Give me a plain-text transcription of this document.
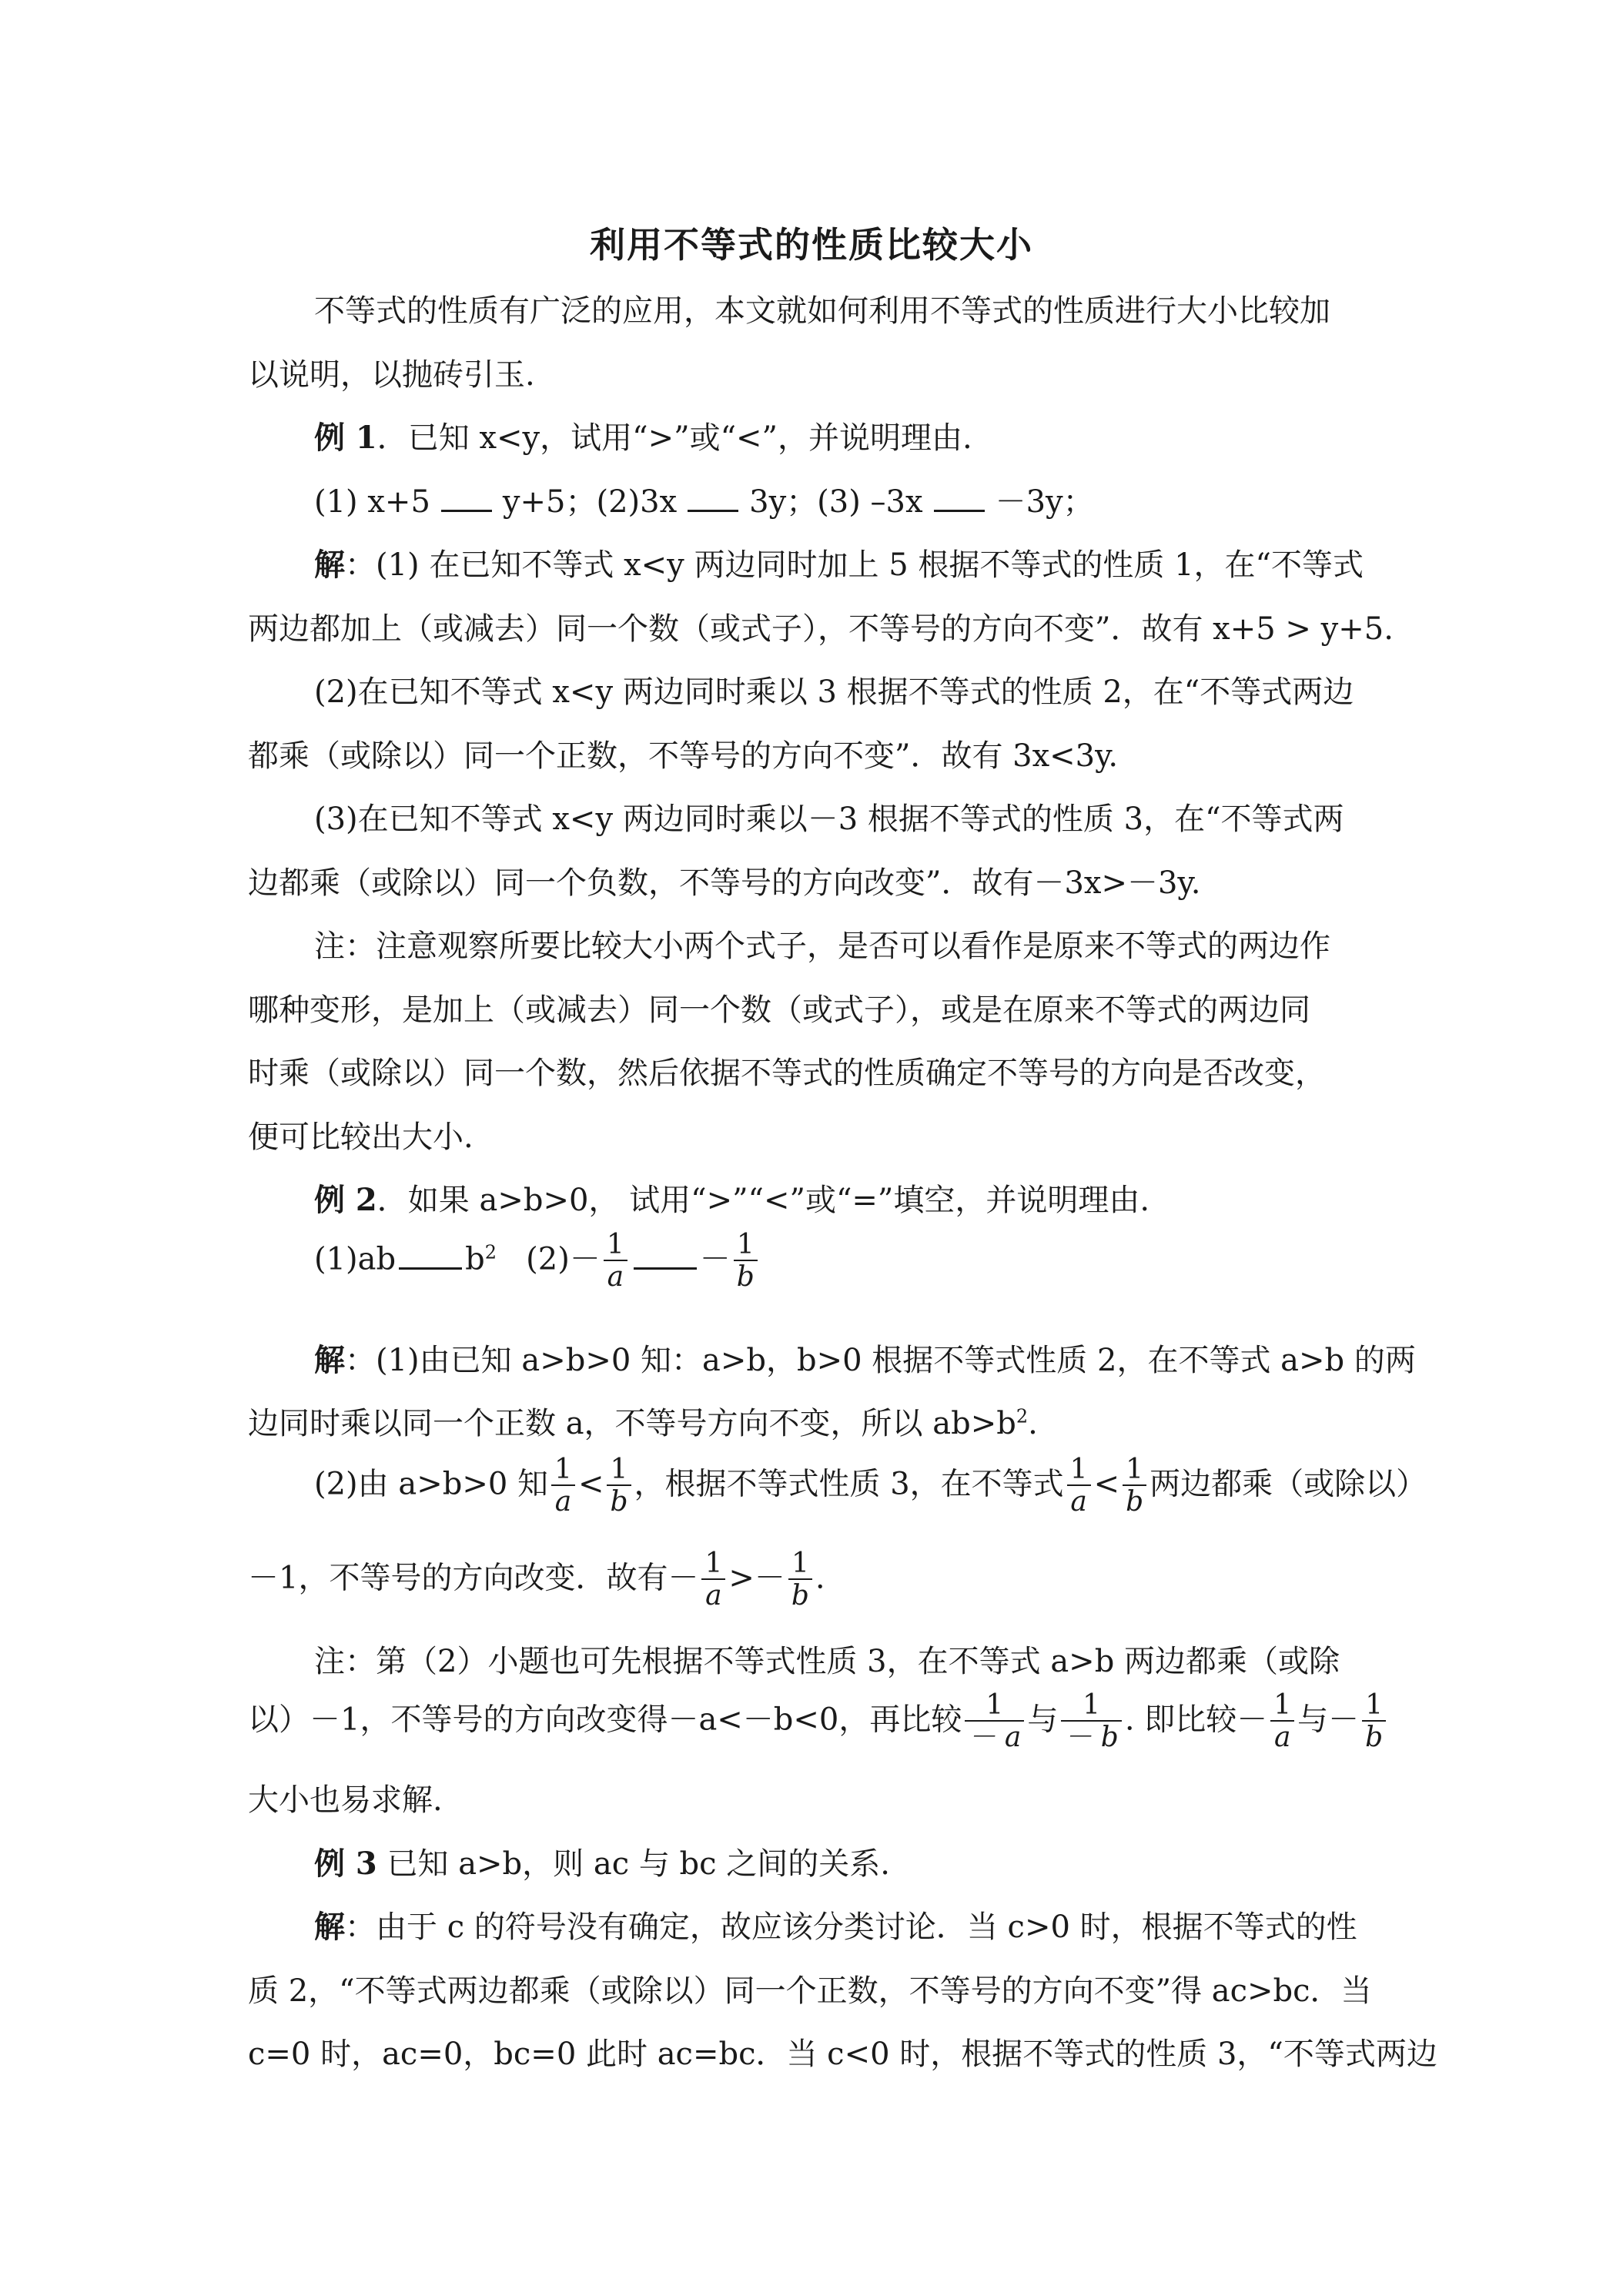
利用不等式的性质比较大小
不等式的性质有广泛的应用，本文就如何利用不等式的性质进行大小比较加
以说明，以抛砖引玉.
例 1．已知 x<y，试用“>”或“<”，并说明理由.
(1) x+5 y+5；(2)3x 3y；(3) –3x －3y；
解：(1) 在已知不等式 x<y 两边同时加上 5 根据不等式的性质 1，在“不等式
两边都加上（或减去）同一个数（或式子），不等号的方向不变”．故有 x+5 > y+5.
(2)在已知不等式 x<y 两边同时乘以 3 根据不等式的性质 2，在“不等式两边
都乘（或除以）同一个正数，不等号的方向不变”．故有 3x<3y.
(3)在已知不等式 x<y 两边同时乘以－3 根据不等式的性质 3，在“不等式两
边都乘（或除以）同一个负数，不等号的方向改变”．故有－3x>－3y.
注：注意观察所要比较大小两个式子，是否可以看作是原来不等式的两边作
哪种变形，是加上（或减去）同一个数（或式子），或是在原来不等式的两边同
时乘（或除以）同一个数，然后依据不等式的性质确定不等号的方向是否改变，
便可比较出大小.
例 2．如果 a>b>0， 试用“>”“<”或“=”填空，并说明理由.
(1)ab $b^2$ $(2)- \frac{1}{a} - \frac{1}{b}$
解：(1)由已知 a>b>0 知：a>b，b>0 根据不等式性质 2，在不等式 a>b 的两
边同时乘以同一个正数 a，不等号方向不变，所以 $ab>b^2$.
(2)由 a>b>0 知 $\frac{1}{a} < \frac{1}{b}$ ，根据不等式性质 3，在不等式 $\frac{1}{a} < \frac{1}{b}$ 两边都乘（或除以）
－1，不等号的方向改变．故有－ $\frac{1}{a} >- \frac{1}{b}$ .
注：第（2）小题也可先根据不等式性质 3，在不等式 a>b 两边都乘（或除
以）－1，不等号的方向改变得－a<－b<0，再比较 $\frac{1}{- a}$ 与 $\frac{1}{- b}$ . 即比较－ $\frac{1}{a}$ 与－ $\frac{1}{b}$
大小也易求解.
例 3 已知 a>b，则 ac 与 bc 之间的关系.
解：由于 c 的符号没有确定，故应该分类讨论．当 c>0 时，根据不等式的性
质 2，“不等式两边都乘（或除以）同一个正数，不等号的方向不变”得 ac>bc．当
c=0 时，ac=0，bc=0 此时 ac=bc．当 c<0 时，根据不等式的性质 3，“不等式两边
